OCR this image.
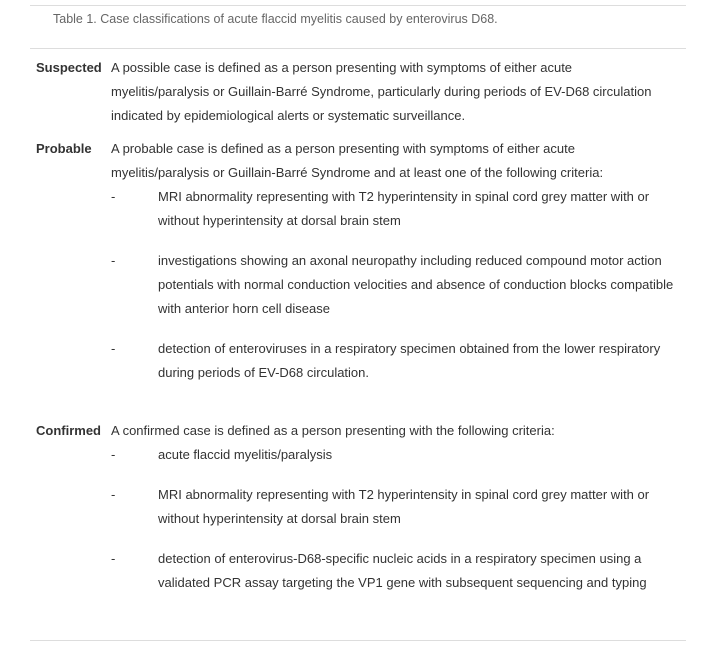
Table 1. Case classifications of acute flaccid myelitis caused by enterovirus D68.
Suspected A possible case is defined as a person presenting with symptoms of either acute
myelitis/paralysis or Guillain-Barré Syndrome, particularly during periods of EV-D68 circulation
indicated by epidemiological alerts or systematic surveillance.
Probable A probable case is defined as a person presenting with symptoms of either acute
myelitis/paralysis or Guillain-Barré Syndrome and at least one of the following criteria:
-	MRI abnormality representing with T2 hyperintensity in spinal cord grey matter with or
without hyperintensity at dorsal brain stem
-	investigations showing an axonal neuropathy including reduced compound motor action
potentials with normal conduction velocities and absence of conduction blocks compatible
with anterior horn cell disease
-	detection of enteroviruses in a respiratory specimen obtained from the lower respiratory
during periods of EV-D68 circulation.
Confirmed A confirmed case is defined as a person presenting with the following criteria:
-	acute flaccid myelitis/paralysis
-	MRI abnormality representing with T2 hyperintensity in spinal cord grey matter with or
without hyperintensity at dorsal brain stem
-	detection of enterovirus-D68-specific nucleic acids in a respiratory specimen using a
validated PCR assay targeting the VP1 gene with subsequent sequencing and typing
